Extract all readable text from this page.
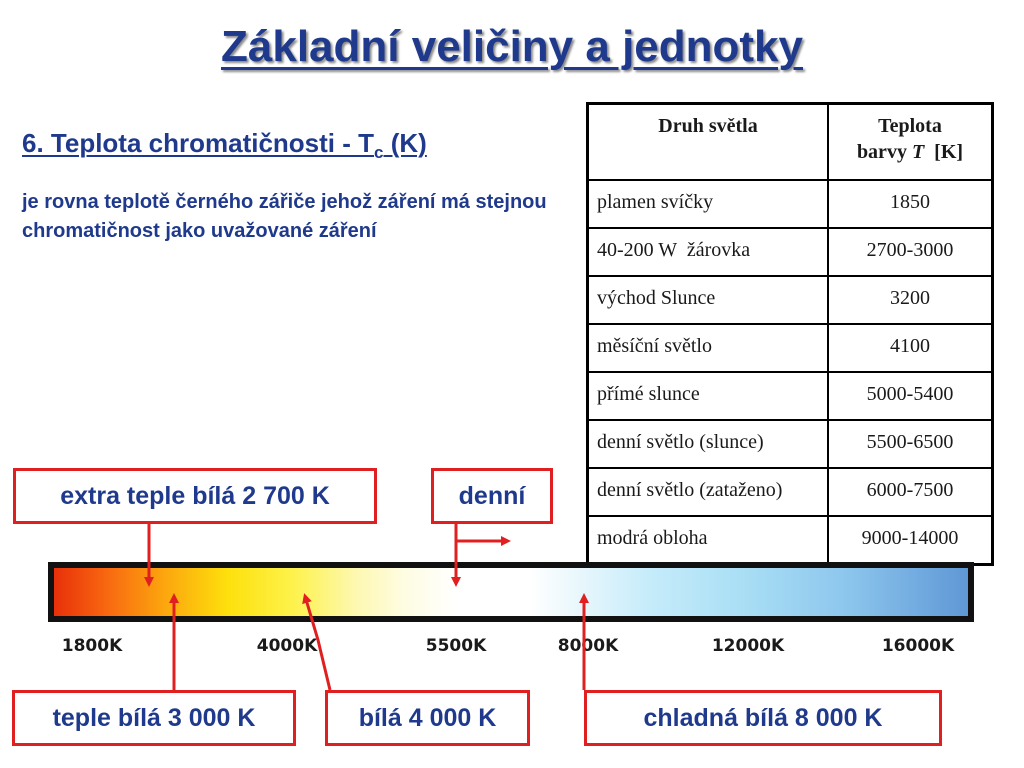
Základní veličiny a jednotky
6. Teplota chromatičnosti - $T_c$ (K)
je rovna teplotě černého zářiče jehož záření má stejnou chromatičnost jako uvažované záření
Druh světla	Teplota
barvy T  [K]
plamen svíčky	1850
40-200 W  žárovka	2700-3000
východ Slunce	3200
měsíční světlo	4100
přímé slunce	5000-5400
denní světlo (slunce)	5500-6500
denní světlo (zataženo)	6000-7500
modrá obloha	9000-14000
extra teple bílá 2 700 K	denní
teple bílá 3 000 K	bílá 4 000 K	chladná bílá 8 000 K
1800K	4000K	5500K	8000K	12000K	16000K
